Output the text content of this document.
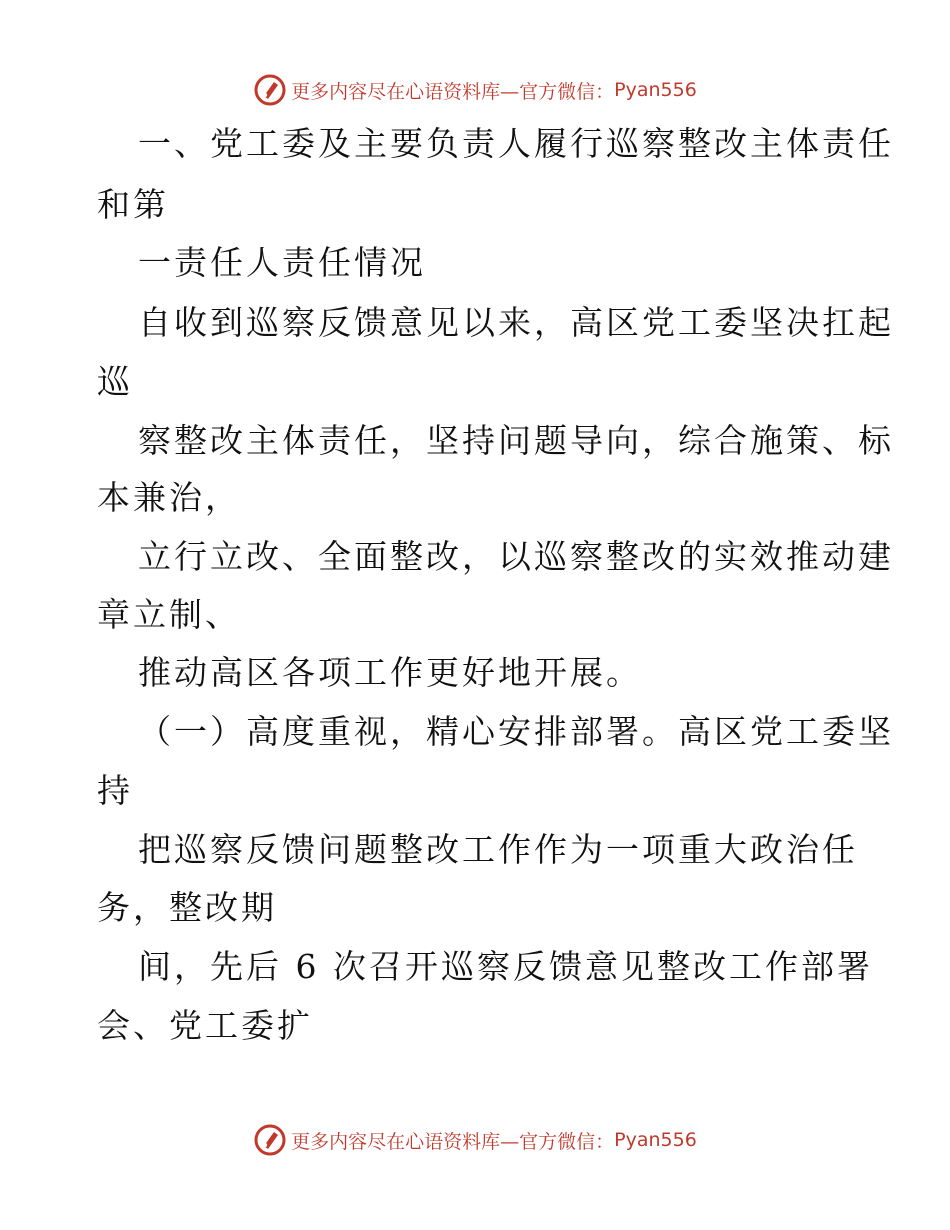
更多内容尽在心语资料库—官方微信： Pyan556
一、党工委及主要负责人履行巡察整改主体责任
和第
一责任人责任情况
自收到巡察反馈意见以来，高区党工委坚决扛起
巡
察整改主体责任，坚持问题导向，综合施策、标
本兼治，
立行立改、全面整改，以巡察整改的实效推动建
章立制、
推动高区各项工作更好地开展。
（一）高度重视，精心安排部署。高区党工委坚
持
把巡察反馈问题整改工作作为一项重大政治任
务，整改期
间，先后 6 次召开巡察反馈意见整改工作部署
会、党工委扩
更多内容尽在心语资料库—官方微信： Pyan556
